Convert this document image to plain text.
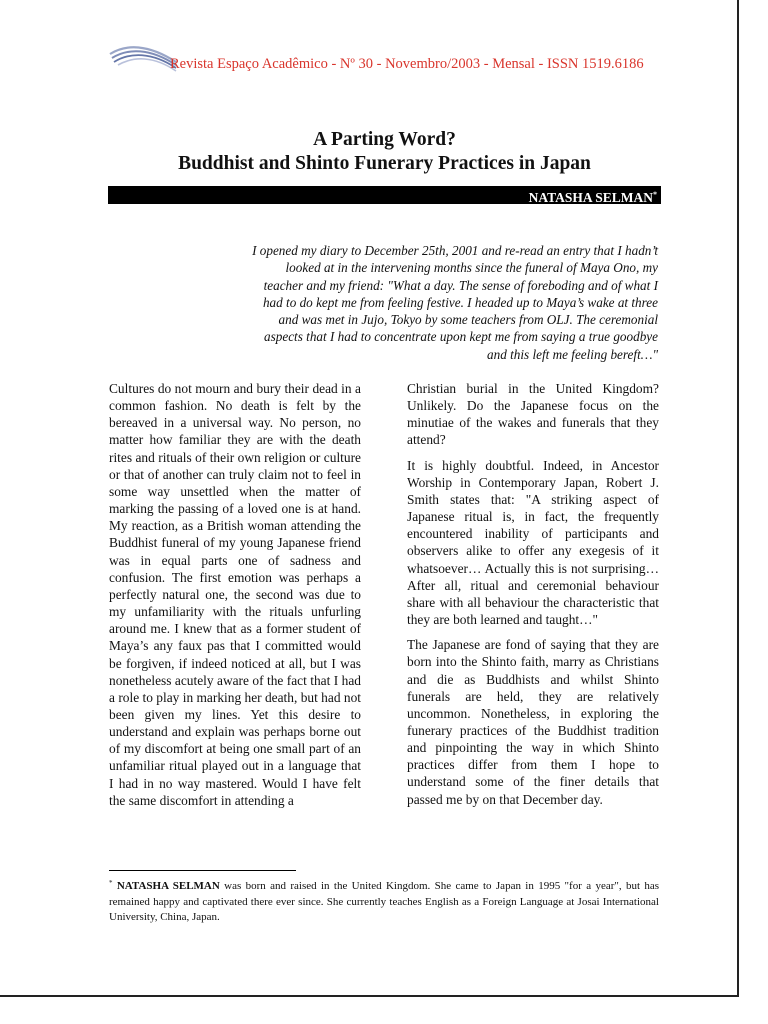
Revista Espaço Acadêmico - Nº 30 - Novembro/2003 - Mensal - ISSN 1519.6186
A Parting Word?
Buddhist and Shinto Funerary Practices in Japan
NATASHA SELMAN*
I opened my diary to December 25th, 2001 and re-read an entry that I hadn’t looked at in the intervening months since the funeral of Maya Ono, my teacher and my friend: "What a day. The sense of foreboding and of what I had to do kept me from feeling festive. I headed up to Maya’s wake at three and was met in Jujo, Tokyo by some teachers from OLJ. The ceremonial aspects that I had to concentrate upon kept me from saying a true goodbye and this left me feeling bereft…"

Cultures do not mourn and bury their dead in a common fashion. No death is felt by the bereaved in a universal way. No person, no matter how familiar they are with the death rites and rituals of their own religion or culture or that of another can truly claim not to feel in some way unsettled when the matter of marking the passing of a loved one is at hand. My reaction, as a British woman attending the Buddhist funeral of my young Japanese friend was in equal parts one of sadness and confusion. The first emotion was perhaps a perfectly natural one, the second was due to my unfamiliarity with the rituals unfurling around me. I knew that as a former student of Maya’s any faux pas that I committed would be forgiven, if indeed noticed at all, but I was nonetheless acutely aware of the fact that I had a role to play in marking her death, but had not been given my lines. Yet this desire to understand and explain was perhaps borne out of my discomfort at being one small part of an unfamiliar ritual played out in a language that I had in no way mastered. Would I have felt the same discomfort in attending a

Christian burial in the United Kingdom? Unlikely. Do the Japanese focus on the minutiae of the wakes and funerals that they attend?

It is highly doubtful. Indeed, in Ancestor Worship in Contemporary Japan, Robert J. Smith states that: "A striking aspect of Japanese ritual is, in fact, the frequently encountered inability of participants and observers alike to offer any exegesis of it whatsoever… Actually this is not surprising… After all, ritual and ceremonial behaviour share with all behaviour the characteristic that they are both learned and taught…"

The Japanese are fond of saying that they are born into the Shinto faith, marry as Christians and die as Buddhists and whilst Shinto funerals are held, they are relatively uncommon. Nonetheless, in exploring the funerary practices of the Buddhist tradition and pinpointing the way in which Shinto practices differ from them I hope to understand some of the finer details that passed me by on that December day.

* NATASHA SELMAN was born and raised in the United Kingdom. She came to Japan in 1995 "for a year", but has remained happy and captivated there ever since. She currently teaches English as a Foreign Language at Josai International University, China, Japan.
